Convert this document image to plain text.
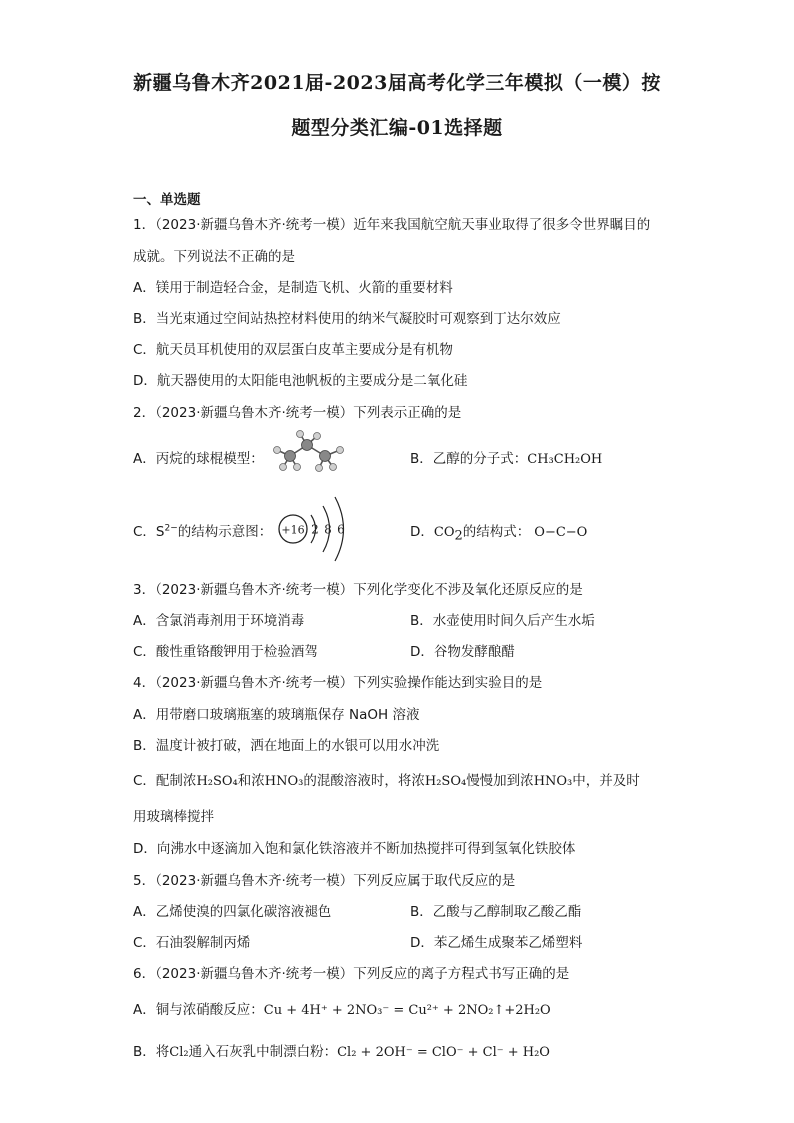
新疆乌鲁木齐2021届-2023届高考化学三年模拟（一模）按
题型分类汇编-01选择题
一、单选题
1．（2023·新疆乌鲁木齐·统考一模）近年来我国航空航天事业取得了很多令世界瞩目的
成就。下列说法不正确的是
A．镁用于制造轻合金，是制造飞机、火箭的重要材料
B．当光束通过空间站热控材料使用的纳米气凝胶时可观察到丁达尔效应
C．航天员耳机使用的双层蛋白皮革主要成分是有机物
D．航天器使用的太阳能电池帆板的主要成分是二氧化硅
2．（2023·新疆乌鲁木齐·统考一模）下列表示正确的是
A．丙烷的球棍模型：	B．乙醇的分子式：CH₃CH₂OH
C．$S^{2-}$的结构示意图： +16 2 8 6	D．$CO_2$的结构式： O−C−O
3．（2023·新疆乌鲁木齐·统考一模）下列化学变化不涉及氧化还原反应的是
A．含氯消毒剂用于环境消毒	B．水壶使用时间久后产生水垢
C．酸性重铬酸钾用于检验酒驾	D．谷物发酵酿醋
4．（2023·新疆乌鲁木齐·统考一模）下列实验操作能达到实验目的是
A．用带磨口玻璃瓶塞的玻璃瓶保存 NaOH 溶液
B．温度计被打破，洒在地面上的水银可以用水冲洗
C．配制浓H₂SO₄和浓HNO₃的混酸溶液时，将浓H₂SO₄慢慢加到浓HNO₃中，并及时
用玻璃棒搅拌
D．向沸水中逐滴加入饱和氯化铁溶液并不断加热搅拌可得到氢氧化铁胶体
5．（2023·新疆乌鲁木齐·统考一模）下列反应属于取代反应的是
A．乙烯使溴的四氯化碳溶液褪色	B．乙酸与乙醇制取乙酸乙酯
C．石油裂解制丙烯	D．苯乙烯生成聚苯乙烯塑料
6．（2023·新疆乌鲁木齐·统考一模）下列反应的离子方程式书写正确的是
A．铜与浓硝酸反应：Cu + 4H⁺ + 2NO₃⁻ = Cu²⁺ + 2NO₂↑+2H₂O
B．将Cl₂通入石灰乳中制漂白粉：Cl₂ + 2OH⁻ = ClO⁻ + Cl⁻ + H₂O
